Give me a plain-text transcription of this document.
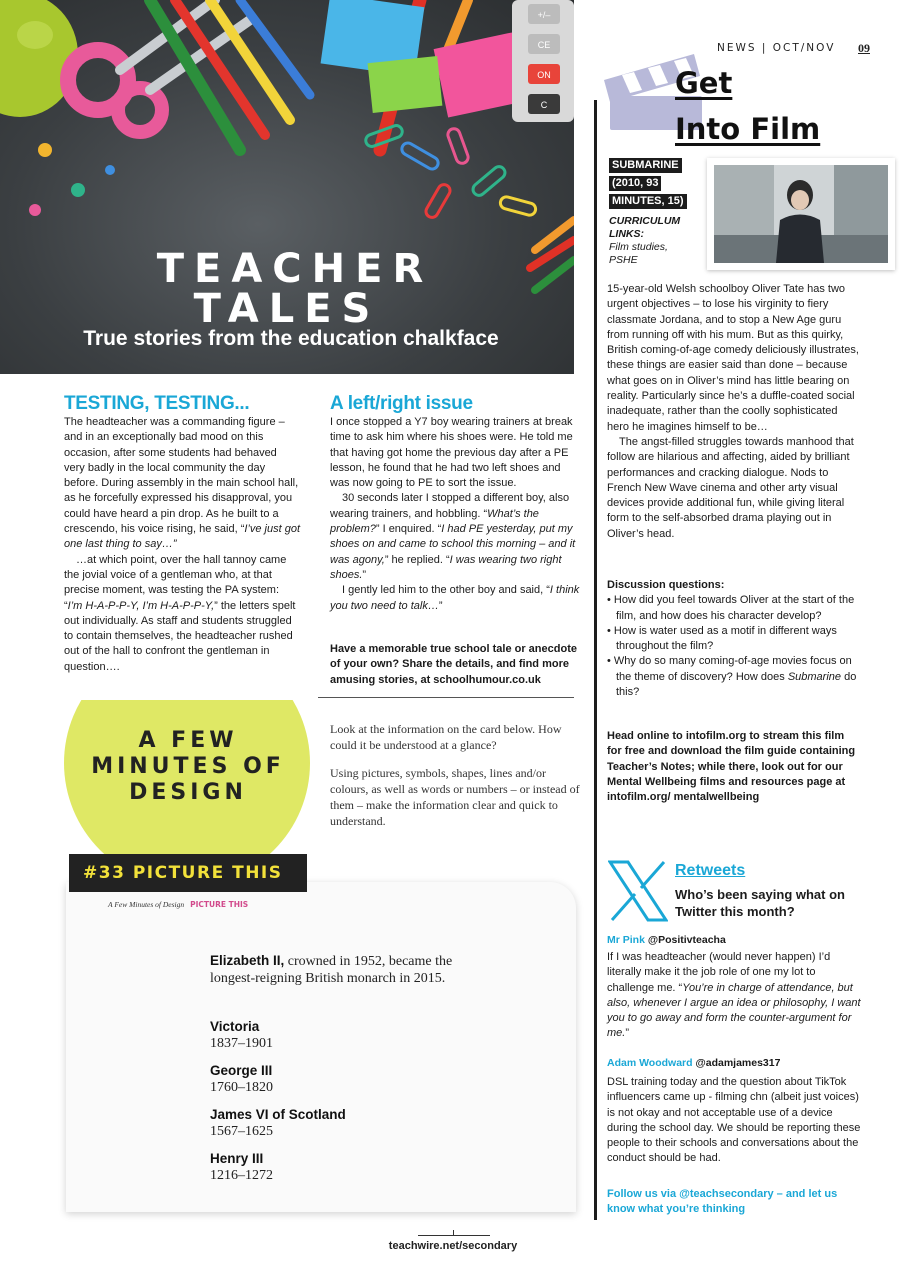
+/–
CE
ON
C
TEACHER
TALES
True stories from the education chalkface
TESTING, TESTING...

The headteacher was a commanding figure – and in an exceptionally bad mood on this occasion, after some students had behaved very badly in the local community the day before. During assembly in the main school hall, as he forcefully expressed his disapproval, you could have heard a pin drop. As he built to a crescendo, his voice rising, he said, “I’ve just got one last thing to say…”

…at which point, over the hall tannoy came the jovial voice of a gentleman who, at that precise moment, was testing the PA system: “I’m H-A-P-P-Y, I’m H-A-P-P-Y,” the letters spelt out individually. As staff and students struggled to contain themselves, the headteacher rushed out of the hall to confront the gentleman in question….

A left/right issue

I once stopped a Y7 boy wearing trainers at break time to ask him where his shoes were. He told me that having got home the previous day after a PE lesson, he found that he had two left shoes and was now going to PE to sort the issue.

30 seconds later I stopped a different boy, also wearing trainers, and hobbling. “What’s the problem?” I enquired. “I had PE yesterday, put my shoes on and came to school this morning – and it was agony,” he replied. “I was wearing two right shoes.”

I gently led him to the other boy and said, “I think you two need to talk…”

Have a memorable true school tale or anecdote of your own? Share the details, and find more amusing stories, at schoolhumour.co.uk
A FEW
MINUTES OF
DESIGN
Look at the information on the card below. How could it be understood at a glance?
Using pictures, symbols, shapes, lines and/or colours, as well as words or numbers – or instead of them – make the information clear and quick to understand.
A Few Minutes of Design PICTURE THIS
Elizabeth II, crowned in 1952, became the longest-reigning British monarch in 2015.
Victoria
1837–1901
George III
1760–1820
James VI of Scotland
1567–1625
Henry III
1216–1272
#33 PICTURE THIS
teachwire.net/secondary
NEWS | OCT/NOV 09
Get
Into Film
SUBMARINE
(2010, 93
MINUTES, 15)
CURRICULUM LINKS:
Film studies, PSHE

15-year-old Welsh schoolboy Oliver Tate has two urgent objectives – to lose his virginity to fiery classmate Jordana, and to stop a New Age guru from running off with his mum. But as this quirky, British coming-of-age comedy deliciously illustrates, these things are easier said than done – because what goes on in Oliver’s mind has little bearing on reality. Particularly since he’s a duffle-coated social inadequate, rather than the coolly sophisticated hero he imagines himself to be…

The angst-filled struggles towards manhood that follow are hilarious and affecting, aided by brilliant performances and cracking dialogue. Nods to French New Wave cinema and other arty visual devices provide additional fun, while giving literal form to the self-absorbed drama playing out in Oliver’s head.

Discussion questions:
• How did you feel towards Oliver at the start of the film, and how does his character develop?
• How is water used as a motif in different ways throughout the film?
• Why do so many coming-of-age movies focus on the theme of discovery? How does Submarine do this?
Head online to intofilm.org to stream this film for free and download the film guide containing Teacher’s Notes; while there, look out for our Mental Wellbeing films and resources page at intofilm.org/ mentalwellbeing
Retweets
Who’s been saying what on Twitter this month?
Mr Pink @Positivteacha
If I was headteacher (would never happen) I’d literally make it the job role of one my lot to challenge me. “You’re in charge of attendance, but also, whenever I argue an idea or philosophy, I want you to go away and form the counter-argument for me.”
Adam Woodward @adamjames317
DSL training today and the question about TikTok influencers came up - filming chn (albeit just voices) is not okay and not acceptable use of a device during the school day. We should be reporting these people to their schools and conversations about the conduct should be had.
Follow us via @teachsecondary – and let us know what you’re thinking
